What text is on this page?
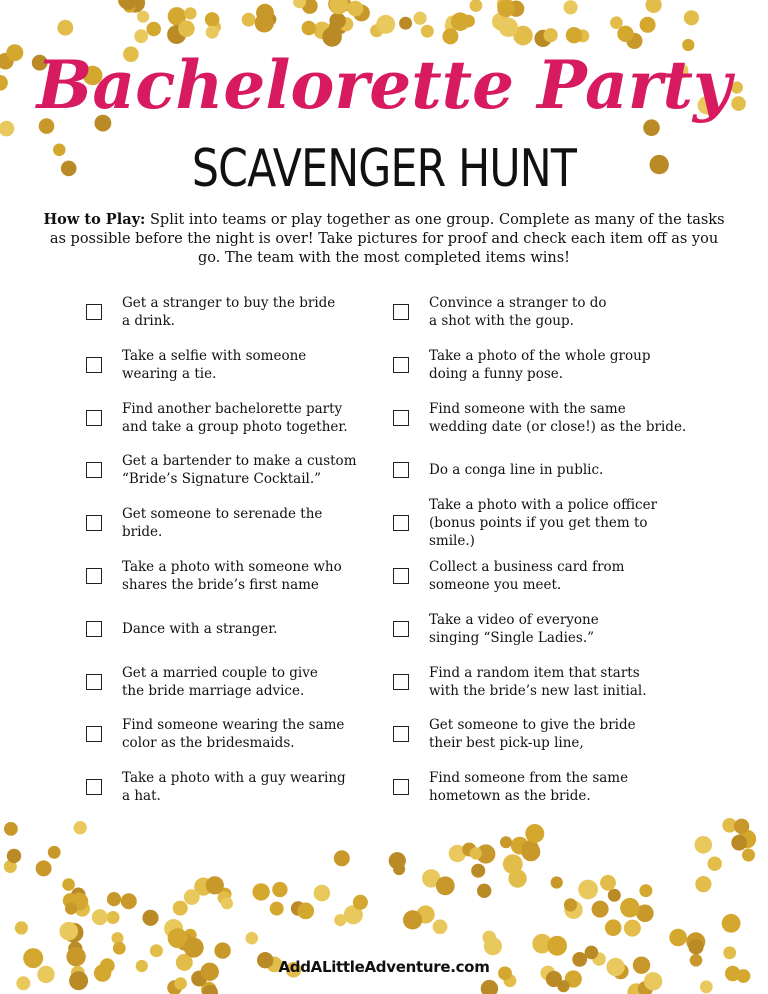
Bachelorette Party
SCAVENGER HUNT
How to Play: Split into teams or play together as one group. Complete as many of the tasks as possible before the night is over! Take pictures for proof and check each item off as you go. The team with the most completed items wins!
Get a stranger to buy the bride
a drink.
Take a selfie with someone
wearing a tie.
Find another bachelorette party
and take a group photo together.
Get a bartender to make a custom
“Bride’s Signature Cocktail.”
Get someone to serenade the
bride.
Take a photo with someone who
shares the bride’s first name
Dance with a stranger.
Get a married couple to give
the bride marriage advice.
Find someone wearing the same
color as the bridesmaids.
Take a photo with a guy wearing
a hat.
Convince a stranger to do
a shot with the goup.
Take a photo of the whole group
doing a funny pose.
Find someone with the same
wedding date (or close!) as the bride.
Do a conga line in public.
Take a photo with a police officer
(bonus points if you get them to smile.)
Collect a business card from
someone you meet.
Take a video of everyone
singing “Single Ladies.”
Find a random item that starts
with the bride’s new last initial.
Get someone to give the bride
their best pick-up line,
Find someone from the same
hometown as the bride.
AddALittleAdventure.com
